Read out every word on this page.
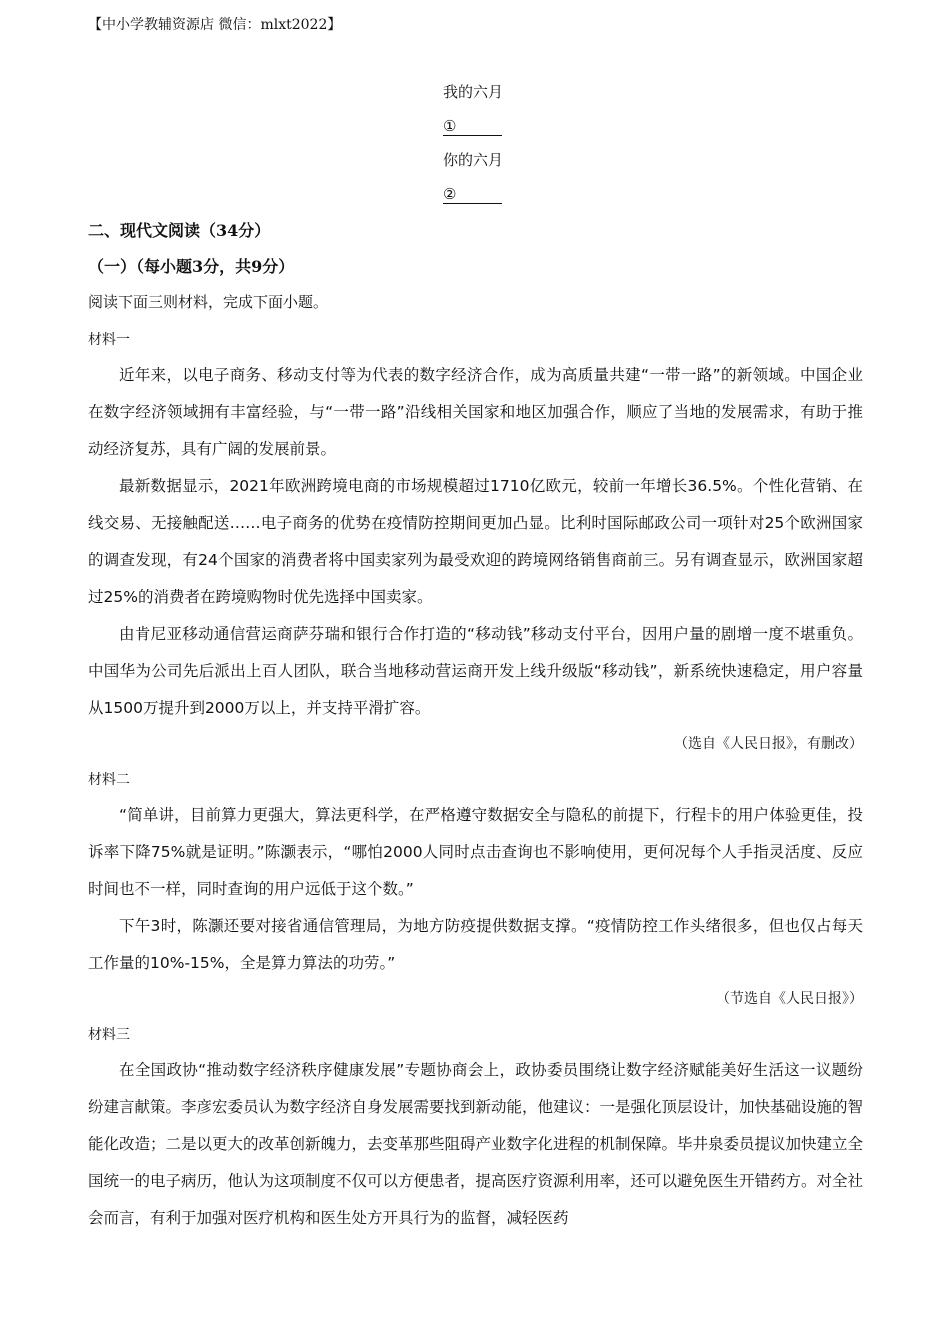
【中小学教辅资源店 微信：mlxt2022】
我的六月
①
你的六月
②
二、现代文阅读（34分）
（一）（每小题3分，共9分）
阅读下面三则材料，完成下面小题。
材料一

近年来，以电子商务、移动支付等为代表的数字经济合作，成为高质量共建“一带一路”的新领域。中国企业在数字经济领域拥有丰富经验，与“一带一路”沿线相关国家和地区加强合作，顺应了当地的发展需求，有助于推动经济复苏，具有广阔的发展前景。

最新数据显示，2021年欧洲跨境电商的市场规模超过1710亿欧元，较前一年增长36.5%。个性化营销、在线交易、无接触配送……电子商务的优势在疫情防控期间更加凸显。比利时国际邮政公司一项针对25个欧洲国家的调查发现，有24个国家的消费者将中国卖家列为最受欢迎的跨境网络销售商前三。另有调查显示，欧洲国家超过25%的消费者在跨境购物时优先选择中国卖家。

由肯尼亚移动通信营运商萨芬瑞和银行合作打造的“移动钱”移动支付平台，因用户量的剧增一度不堪重负。中国华为公司先后派出上百人团队，联合当地移动营运商开发上线升级版“移动钱”，新系统快速稳定，用户容量从1500万提升到2000万以上，并支持平滑扩容。

（选自《人民日报》，有删改）
材料二

“简单讲，目前算力更强大，算法更科学，在严格遵守数据安全与隐私的前提下，行程卡的用户体验更佳，投诉率下降75%就是证明。”陈灏表示，“哪怕2000人同时点击查询也不影响使用，更何况每个人手指灵活度、反应时间也不一样，同时查询的用户远低于这个数。”

下午3时，陈灏还要对接省通信管理局，为地方防疫提供数据支撑。“疫情防控工作头绪很多，但也仅占每天工作量的10%-15%，全是算力算法的功劳。”

（节选自《人民日报》）
材料三

在全国政协“推动数字经济秩序健康发展”专题协商会上，政协委员围绕让数字经济赋能美好生活这一议题纷纷建言献策。李彦宏委员认为数字经济自身发展需要找到新动能，他建议：一是强化顶层设计，加快基础设施的智能化改造；二是以更大的改革创新魄力，去变革那些阻碍产业数字化进程的机制保障。毕井泉委员提议加快建立全国统一的电子病历，他认为这项制度不仅可以方便患者，提高医疗资源利用率，还可以避免医生开错药方。对全社会而言，有利于加强对医疗机构和医生处方开具行为的监督，减轻医药
